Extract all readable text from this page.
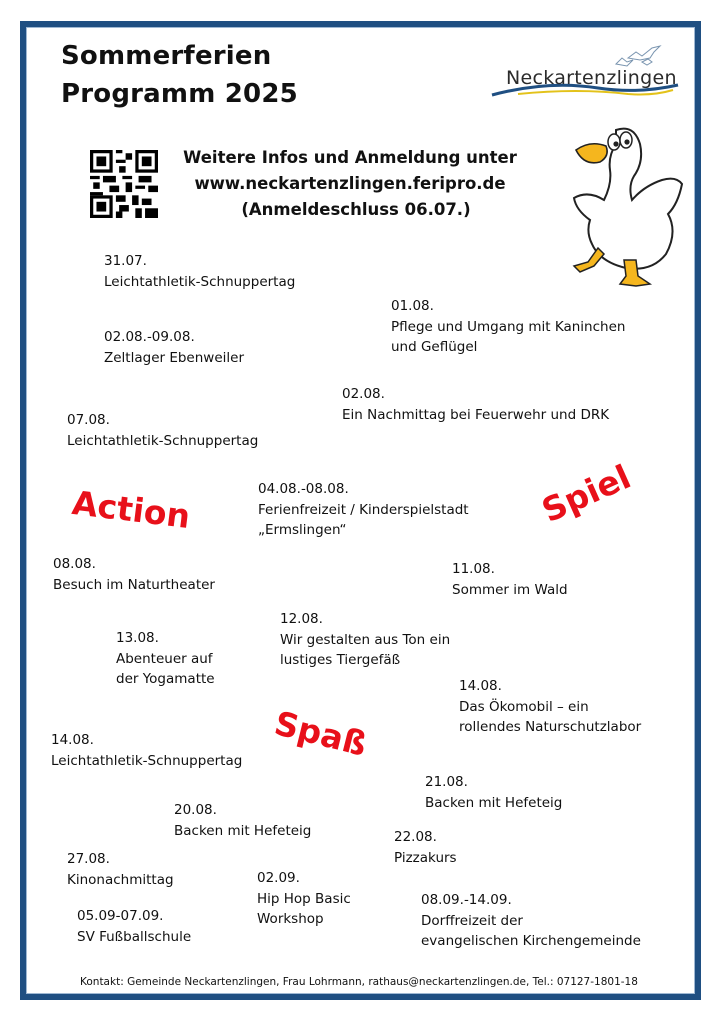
Sommerferien
Programm 2025
Neckartenzlingen
Weitere Infos und Anmeldung unter
www.neckartenzlingen.feripro.de
(Anmeldeschluss 06.07.)
31.07.
Leichtathletik-Schnuppertag
01.08.
Pflege und Umgang mit Kaninchen
und Geflügel
02.08.-09.08.
Zeltlager Ebenweiler
02.08.
Ein Nachmittag bei Feuerwehr und DRK
07.08.
Leichtathletik-Schnuppertag
Action	Spiel
Spaß
04.08.-08.08.
Ferienfreizeit / Kinderspielstadt
„Ermslingen“
08.08.
Besuch im Naturtheater
11.08.
Sommer im Wald
12.08.
Wir gestalten aus Ton ein
lustiges Tiergefäß
13.08.
Abenteuer auf
der Yogamatte	14.08.
Das Ökomobil – ein
rollendes Naturschutzlabor
14.08.
Leichtathletik-Schnuppertag
21.08.
Backen mit Hefeteig
20.08.
Backen mit Hefeteig	22.08.
Pizzakurs
27.08.
Kinonachmittag	02.09.
Hip Hop Basic
Workshop
05.09-07.09.
SV Fußballschule
08.09.-14.09.
Dorffreizeit der
evangelischen Kirchengemeinde
Kontakt: Gemeinde Neckartenzlingen, Frau Lohrmann, rathaus@neckartenzlingen.de, Tel.: 07127-1801-18
